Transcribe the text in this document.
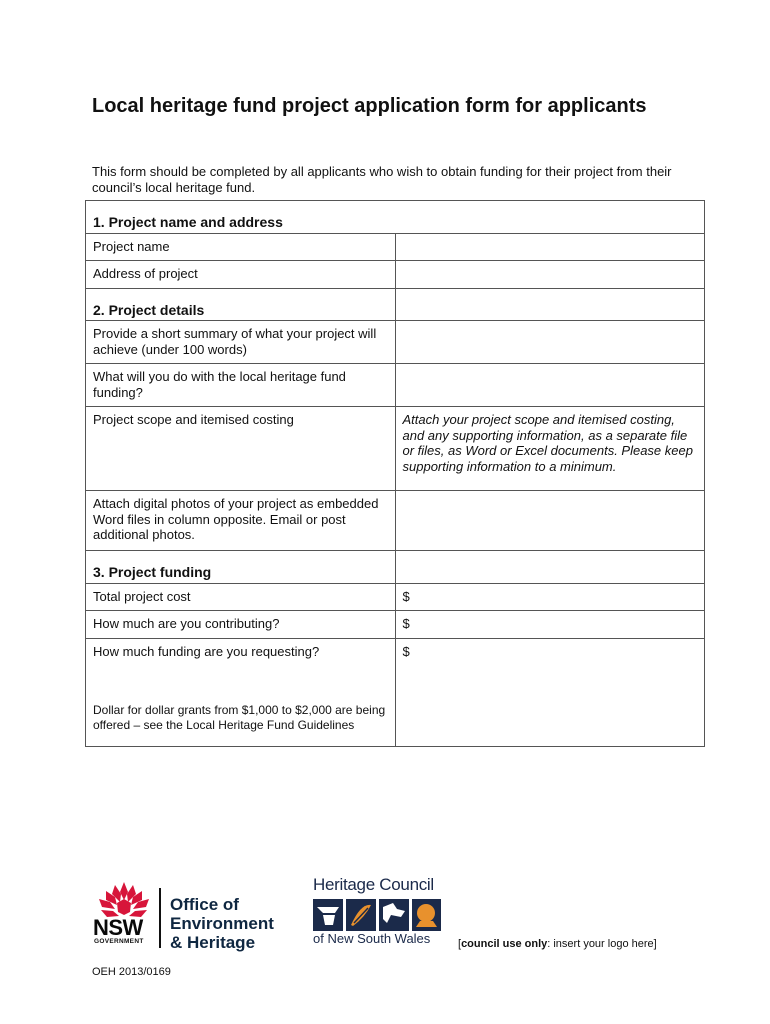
Local heritage fund project application form for applicants

This form should be completed by all applicants who wish to obtain funding for their project from their council’s local heritage fund.

1. Project name and address	
Project name	
Address of project	
2. Project details	
Provide a short summary of what your project will achieve (under 100 words)	
What will you do with the local heritage fund funding?	
Project scope and itemised costing	Attach your project scope and itemised costing, and any supporting information, as a separate file or files, as Word or Excel documents. Please keep supporting information to a minimum.
Attach digital photos of your project as embedded Word files in column opposite. Email or post additional photos.	
3. Project funding	
Total project cost	$
How much are you contributing?	$

How much funding are you requesting?
Dollar for dollar grants from $1,000 to $2,000 are being offered – see the Local Heritage Fund Guidelines	$
NSW
GOVERNMENT
Office of
Environment
& Heritage
Heritage Council
of New South Wales	[council use only: insert your logo here]
OEH 2013/0169
